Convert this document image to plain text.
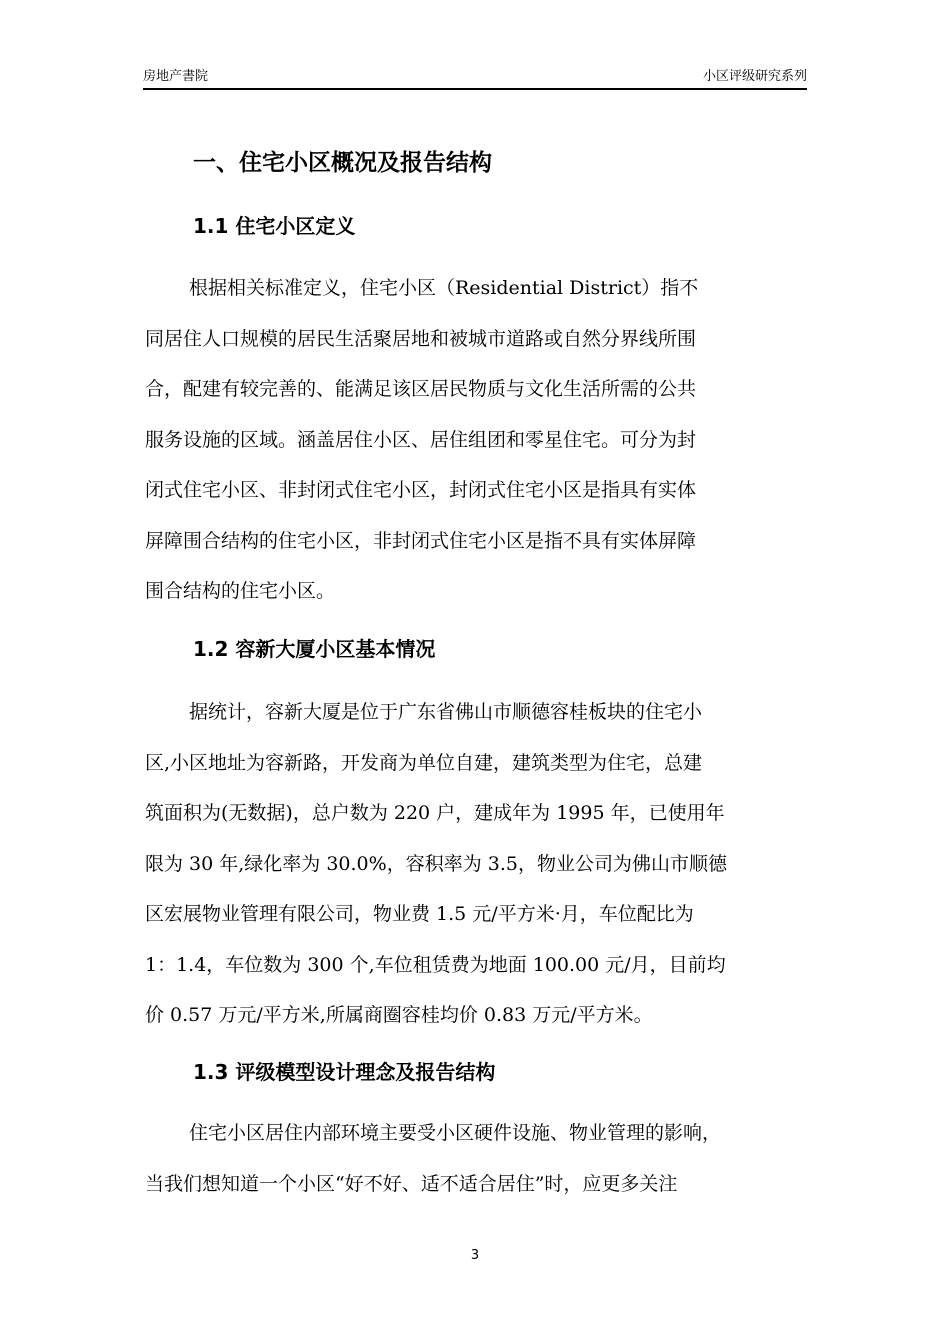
房地产書院	小区评级研究系列
一、住宅小区概况及报告结构
1.1 住宅小区定义
根据相关标准定义，住宅小区（Residential District）指不
同居住人口规模的居民生活聚居地和被城市道路或自然分界线所围
合，配建有较完善的、能满足该区居民物质与文化生活所需的公共
服务设施的区域。涵盖居住小区、居住组团和零星住宅。可分为封
闭式住宅小区、非封闭式住宅小区，封闭式住宅小区是指具有实体
屏障围合结构的住宅小区，非封闭式住宅小区是指不具有实体屏障
围合结构的住宅小区。
1.2 容新大厦小区基本情况
据统计，容新大厦是位于广东省佛山市顺德容桂板块的住宅小
区,小区地址为容新路，开发商为单位自建，建筑类型为住宅，总建
筑面积为(无数据)，总户数为 220 户，建成年为 1995 年，已使用年
限为 30 年,绿化率为 30.0%，容积率为 3.5，物业公司为佛山市顺德
区宏展物业管理有限公司，物业费 1.5 元/平方米·月，车位配比为
1：1.4，车位数为 300 个,车位租赁费为地面 100.00 元/月，目前均
价 0.57 万元/平方米,所属商圈容桂均价 0.83 万元/平方米。
1.3 评级模型设计理念及报告结构
住宅小区居住内部环境主要受小区硬件设施、物业管理的影响，
当我们想知道一个小区“好不好、适不适合居住”时，应更多关注
3
